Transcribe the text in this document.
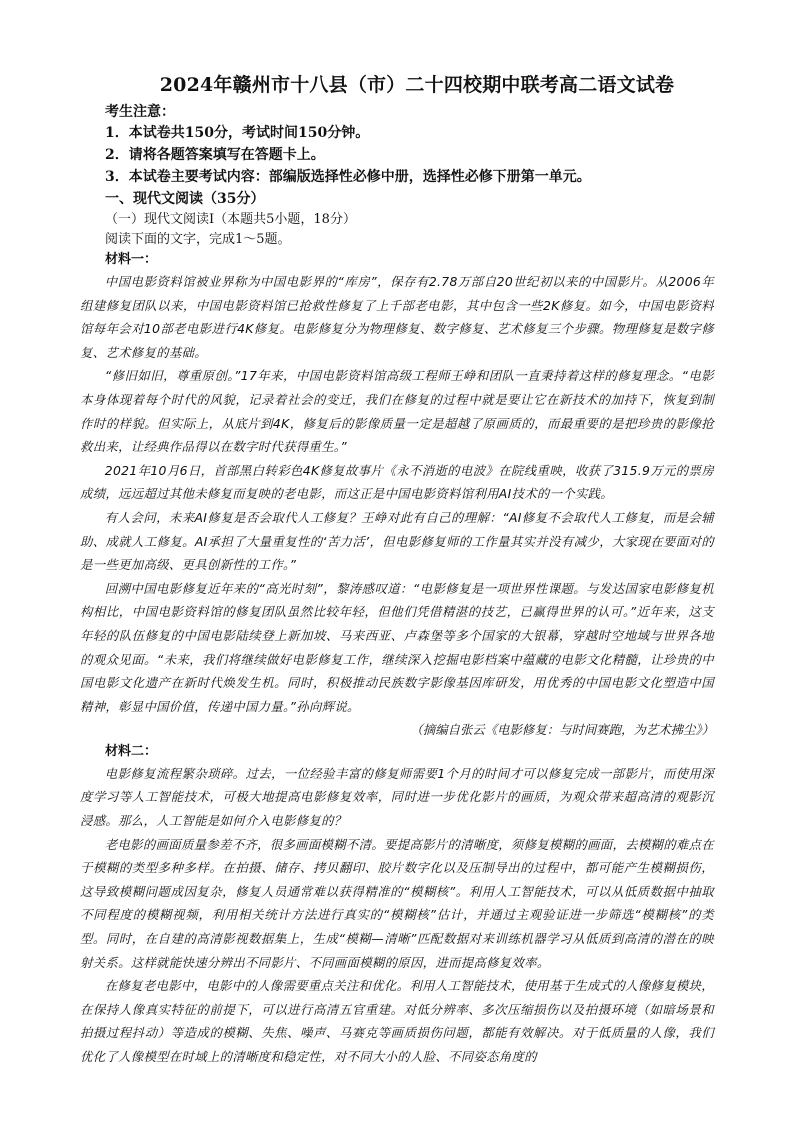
2024年赣州市十八县（市）二十四校期中联考高二语文试卷
考生注意：
1．本试卷共150分，考试时间150分钟。
2．请将各题答案填写在答题卡上。
3．本试卷主要考试内容：部编版选择性必修中册，选择性必修下册第一单元。
一、现代文阅读（35分）
（一）现代文阅读Ⅰ（本题共5小题，18分）
阅读下面的文字，完成1～5题。
材料一：

中国电影资料馆被业界称为中国电影界的“库房”，保存有2.78万部自20世纪初以来的中国影片。从2006年组建修复团队以来，中国电影资料馆已抢救性修复了上千部老电影，其中包含一些2K修复。如今，中国电影资料馆每年会对10部老电影进行4K修复。电影修复分为物理修复、数字修复、艺术修复三个步骤。物理修复是数字修复、艺术修复的基础。

“修旧如旧，尊重原创。”17年来，中国电影资料馆高级工程师王峥和团队一直秉持着这样的修复理念。“电影本身体现着每个时代的风貌，记录着社会的变迁，我们在修复的过程中就是要让它在新技术的加持下，恢复到制作时的样貌。但实际上，从底片到4K，修复后的影像质量一定是超越了原画质的，而最重要的是把珍贵的影像抢救出来，让经典作品得以在数字时代获得重生。”

2021年10月6日，首部黑白转彩色4K修复故事片《永不消逝的电波》在院线重映，收获了315.9万元的票房成绩，远远超过其他未修复而复映的老电影，而这正是中国电影资料馆利用AI技术的一个实践。

有人会问，未来AI修复是否会取代人工修复？王峥对此有自己的理解：“AI修复不会取代人工修复，而是会辅助、成就人工修复。AI承担了大量重复性的‘苦力活’，但电影修复师的工作量其实并没有减少，大家现在要面对的是一些更加高级、更具创新性的工作。”

回溯中国电影修复近年来的“高光时刻”，黎涛感叹道：“电影修复是一项世界性课题。与发达国家电影修复机构相比，中国电影资料馆的修复团队虽然比较年轻，但他们凭借精湛的技艺，已赢得世界的认可。”近年来，这支年轻的队伍修复的中国电影陆续登上新加坡、马来西亚、卢森堡等多个国家的大银幕，穿越时空地域与世界各地的观众见面。“未来，我们将继续做好电影修复工作，继续深入挖掘电影档案中蕴藏的电影文化精髓，让珍贵的中国电影文化遗产在新时代焕发生机。同时，积极推动民族数字影像基因库研发，用优秀的中国电影文化塑造中国精神，彰显中国价值，传递中国力量。”孙向辉说。

（摘编自张云《电影修复：与时间赛跑，为艺术拂尘》）
材料二：

电影修复流程繁杂琐碎。过去，一位经验丰富的修复师需要1个月的时间才可以修复完成一部影片，而使用深度学习等人工智能技术，可极大地提高电影修复效率，同时进一步优化影片的画质，为观众带来超高清的观影沉浸感。那么，人工智能是如何介入电影修复的？

老电影的画面质量参差不齐，很多画面模糊不清。要提高影片的清晰度，须修复模糊的画面，去模糊的难点在于模糊的类型多种多样。在拍摄、储存、拷贝翻印、胶片数字化以及压制导出的过程中，都可能产生模糊损伤，这导致模糊问题成因复杂，修复人员通常难以获得精准的“模糊核”。利用人工智能技术，可以从低质数据中抽取不同程度的模糊视频，利用相关统计方法进行真实的“模糊核”估计，并通过主观验证进一步筛选“模糊核”的类型。同时，在自建的高清影视数据集上，生成“模糊—清晰”匹配数据对来训练机器学习从低质到高清的潜在的映射关系。这样就能快速分辨出不同影片、不同画面模糊的原因，进而提高修复效率。

在修复老电影中，电影中的人像需要重点关注和优化。利用人工智能技术，使用基于生成式的人像修复模块，在保持人像真实特征的前提下，可以进行高清五官重建。对低分辨率、多次压缩损伤以及拍摄环境（如暗场景和拍摄过程抖动）等造成的模糊、失焦、噪声、马赛克等画质损伤问题，都能有效解决。对于低质量的人像，我们优化了人像模型在时域上的清晰度和稳定性，对不同大小的人脸、不同姿态角度的
